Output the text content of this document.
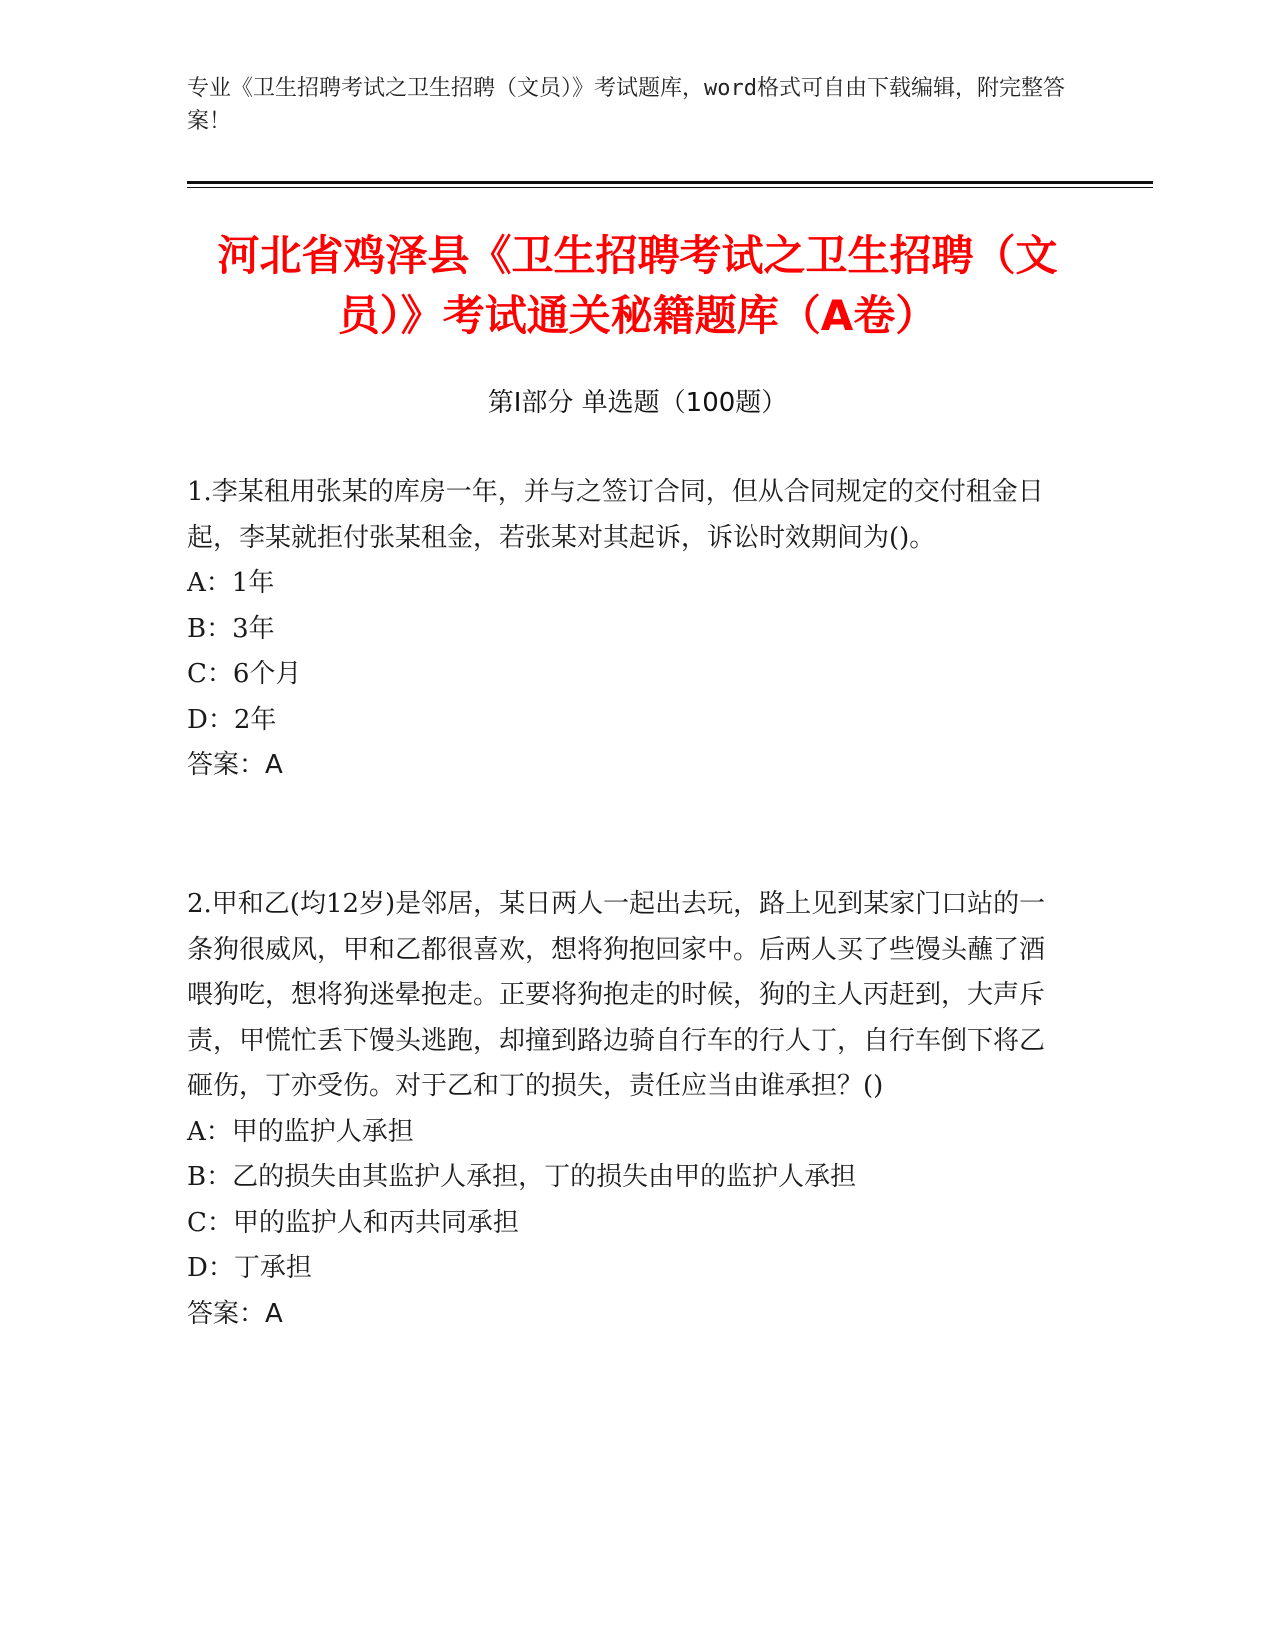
专业《卫生招聘考试之卫生招聘（文员）》考试题库，word格式可自由下载编辑，附完整答案！
河北省鸡泽县《卫生招聘考试之卫生招聘（文员）》考试通关秘籍题库（A卷）
第I部分 单选题（100题）

1.李某租用张某的库房一年，并与之签订合同，但从合同规定的交付租金日起，李某就拒付张某租金，若张某对其起诉，诉讼时效期间为()。

A：1年

B：3年

C：6个月

D：2年

答案：A

2.甲和乙(均12岁)是邻居，某日两人一起出去玩，路上见到某家门口站的一条狗很威风，甲和乙都很喜欢，想将狗抱回家中。后两人买了些馒头蘸了酒喂狗吃，想将狗迷晕抱走。正要将狗抱走的时候，狗的主人丙赶到，大声斥责，甲慌忙丢下馒头逃跑，却撞到路边骑自行车的行人丁，自行车倒下将乙砸伤，丁亦受伤。对于乙和丁的损失，责任应当由谁承担？()

A：甲的监护人承担

B：乙的损失由其监护人承担，丁的损失由甲的监护人承担

C：甲的监护人和丙共同承担

D：丁承担

答案：A
